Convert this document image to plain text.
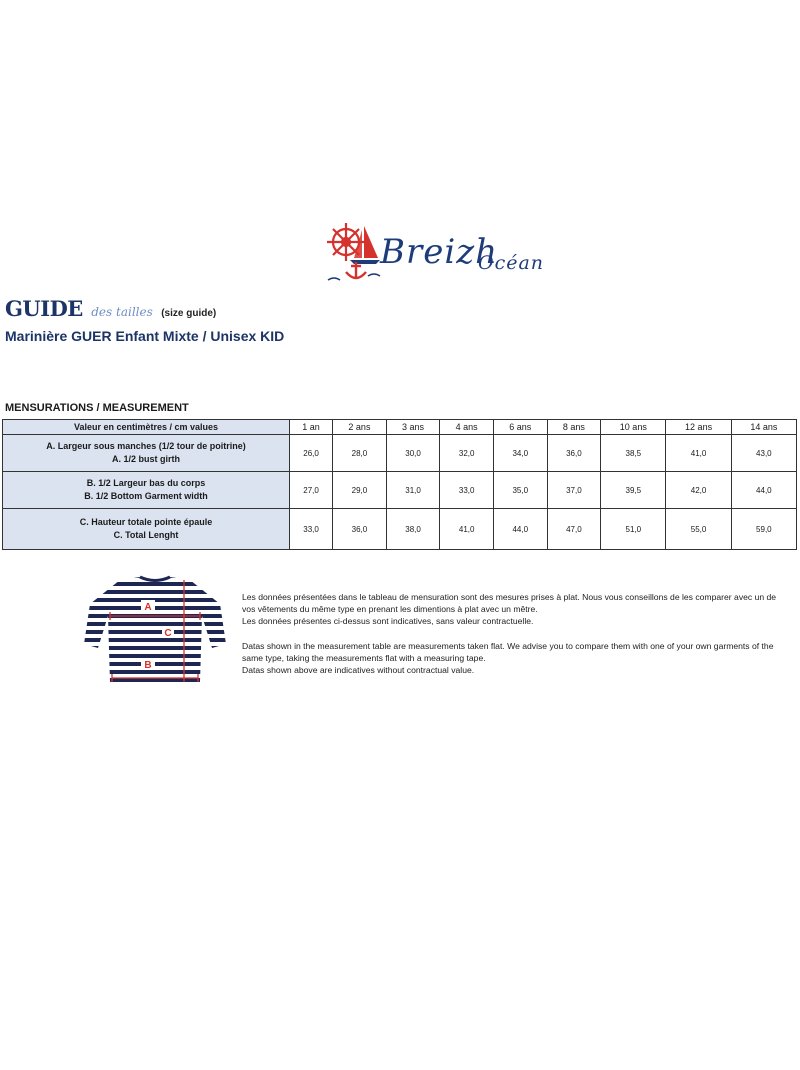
Breizh
Océan
GUIDE des tailles (size guide)
Marinière GUER Enfant Mixte / Unisex KID
MENSURATIONS / MEASUREMENT
Valeur en centimètres / cm values	1 an	2 ans	3 ans	4 ans	6 ans	8 ans	10 ans	12 ans	14 ans

A. Largeur sous manches (1/2 tour de poitrine)
A. 1/2 bust girth	26,0	28,0	30,0	32,0	34,0	36,0	38,5	41,0	43,0

B. 1/2 Largeur bas du corps
B. 1/2 Bottom Garment width	27,0	29,0	31,0	33,0	35,0	37,0	39,5	42,0	44,0

C. Hauteur totale pointe épaule
C. Total Lenght	33,0	36,0	38,0	41,0	44,0	47,0	51,0	55,0	59,0
A
C
B

Les données présentées dans le tableau de mensuration sont des mesures prises à plat. Nous vous conseillons de les comparer avec un de vos vêtements du même type en prenant les dimentions à plat avec un mêtre.

Les données présentes ci-dessus sont indicatives, sans valeur contractuelle.

Datas shown in the measurement table are measurements taken flat. We advise you to compare them with one of your own garments of the same type, taking the measurements flat with a measuring tape.

Datas shown above are indicatives without contractual value.
